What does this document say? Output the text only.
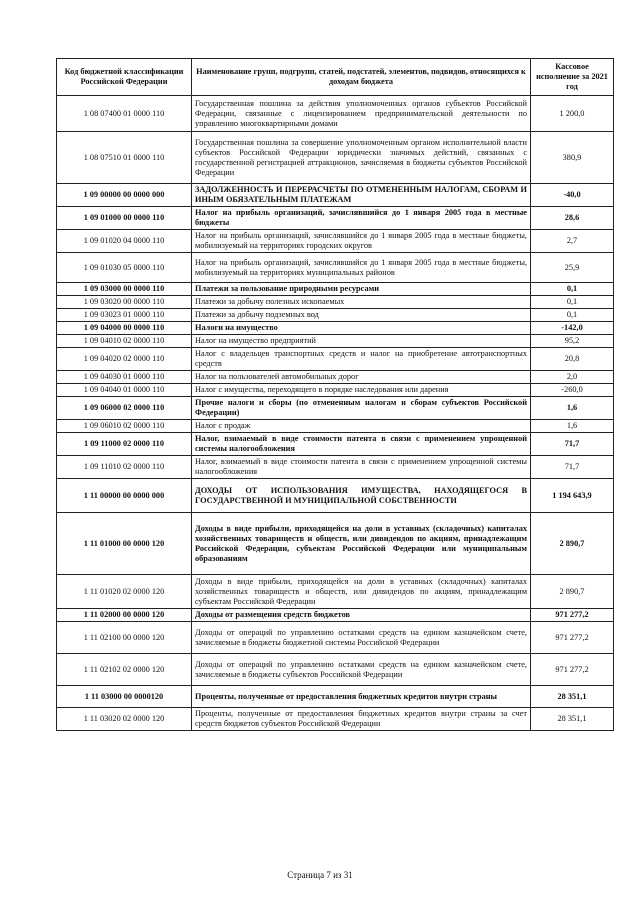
Код бюджетной классификации Российской Федерации	Наименование групп, подгрупп, статей, подстатей, элементов, подвидов, относящихся к доходам бюджета	Кассовое исполнение за 2021 год
1 08 07400 01 0000 110	Государственная пошлина за действия уполномоченных органов субъектов Российской Федерации, связанные с лицензированием предпринимательской деятельности по управлению многоквартирными домами	1 200,0
1 08 07510 01 0000 110	Государственная пошлина за совершение уполномоченным органом исполнительной власти субъектов Российской Федерации юридически значимых действий, связанных с государственной регистрацией аттракционов, зачисляемая в бюджеты субъектов Российской Федерации	380,9
1 09 00000 00 0000 000	ЗАДОЛЖЕННОСТЬ И ПЕРЕРАСЧЕТЫ ПО ОТМЕНЕННЫМ НАЛОГАМ, СБОРАМ И ИНЫМ ОБЯЗАТЕЛЬНЫМ ПЛАТЕЖАМ	-40,0
1 09 01000 00 0000 110	Налог на прибыль организаций, зачислявшийся до 1 января 2005 года в местные бюджеты	28,6
1 09 01020 04 0000 110	Налог на прибыль организаций, зачислявшийся до 1 января 2005 года в местные бюджеты, мобилизуемый на территориях городских округов	2,7
1 09 01030 05 0000 110	Налог на прибыль организаций, зачислявшийся до 1 января 2005 года в местные бюджеты, мобилизуемый на территориях муниципальных районов	25,9
1 09 03000 00 0000 110	Платежи за пользование природными ресурсами	0,1
1 09 03020 00 0000 110	Платежи за добычу полезных ископаемых	0,1
1 09 03023 01 0000 110	Платежи за добычу подземных вод	0,1
1 09 04000 00 0000 110	Налоги на имущество	-142,0
1 09 04010 02 0000 110	Налог на имущество предприятий	95,2
1 09 04020 02 0000 110	Налог с владельцев транспортных средств и налог на приобретение автотранспортных средств	20,8
1 09 04030 01 0000 110	Налог на пользователей автомобильных дорог	2,0
1 09 04040 01 0000 110	Налог с имущества, переходящего в порядке наследования или дарения	-260,0
1 09 06000 02 0000 110	Прочие налоги и сборы (по отмененным налогам и сборам субъектов Российской Федерации)	1,6
1 09 06010 02 0000 110	Налог с продаж	1,6
1 09 11000 02 0000 110	Налог, взимаемый в виде стоимости патента в связи с применением упрощенной системы налогообложения	71,7
1 09 11010 02 0000 110	Налог, взимаемый в виде стоимости патента в связи с применением упрощенной системы налогообложения	71,7
1 11 00000 00 0000 000	ДОХОДЫ ОТ ИСПОЛЬЗОВАНИЯ ИМУЩЕСТВА, НАХОДЯЩЕГОСЯ В ГОСУДАРСТВЕННОЙ И МУНИЦИПАЛЬНОЙ СОБСТВЕННОСТИ	1 194 643,9
1 11 01000 00 0000 120	Доходы в виде прибыли, приходящейся на доли в уставных (складочных) капиталах хозяйственных товариществ и обществ, или дивидендов по акциям, принадлежащим Российской Федерации, субъектам Российской Федерации или муниципальным образованиям	2 890,7
1 11 01020 02 0000 120	Доходы в виде прибыли, приходящейся на доли в уставных (складочных) капиталах хозяйственных товариществ и обществ, или дивидендов по акциям, принадлежащим субъектам Российской Федерации	2 890,7
1 11 02000 00 0000 120	Доходы от размещения средств бюджетов	971 277,2
1 11 02100 00 0000 120	Доходы от операций по управлению остатками средств на едином казначейском счете, зачисляемые в бюджеты бюджетной системы Российской Федерации	971 277,2
1 11 02102 02 0000 120	Доходы от операций по управлению остатками средств на едином казначейском счете, зачисляемые в бюджеты субъектов Российской Федерации	971 277,2
1 11 03000 00 0000120	Проценты, полученные от предоставления бюджетных кредитов внутри страны	28 351,1
1 11 03020 02 0000 120	Проценты, полученные от предоставления бюджетных кредитов внутри страны за счет средств бюджетов субъектов Российской Федерации	28 351,1
Страница 7 из 31
